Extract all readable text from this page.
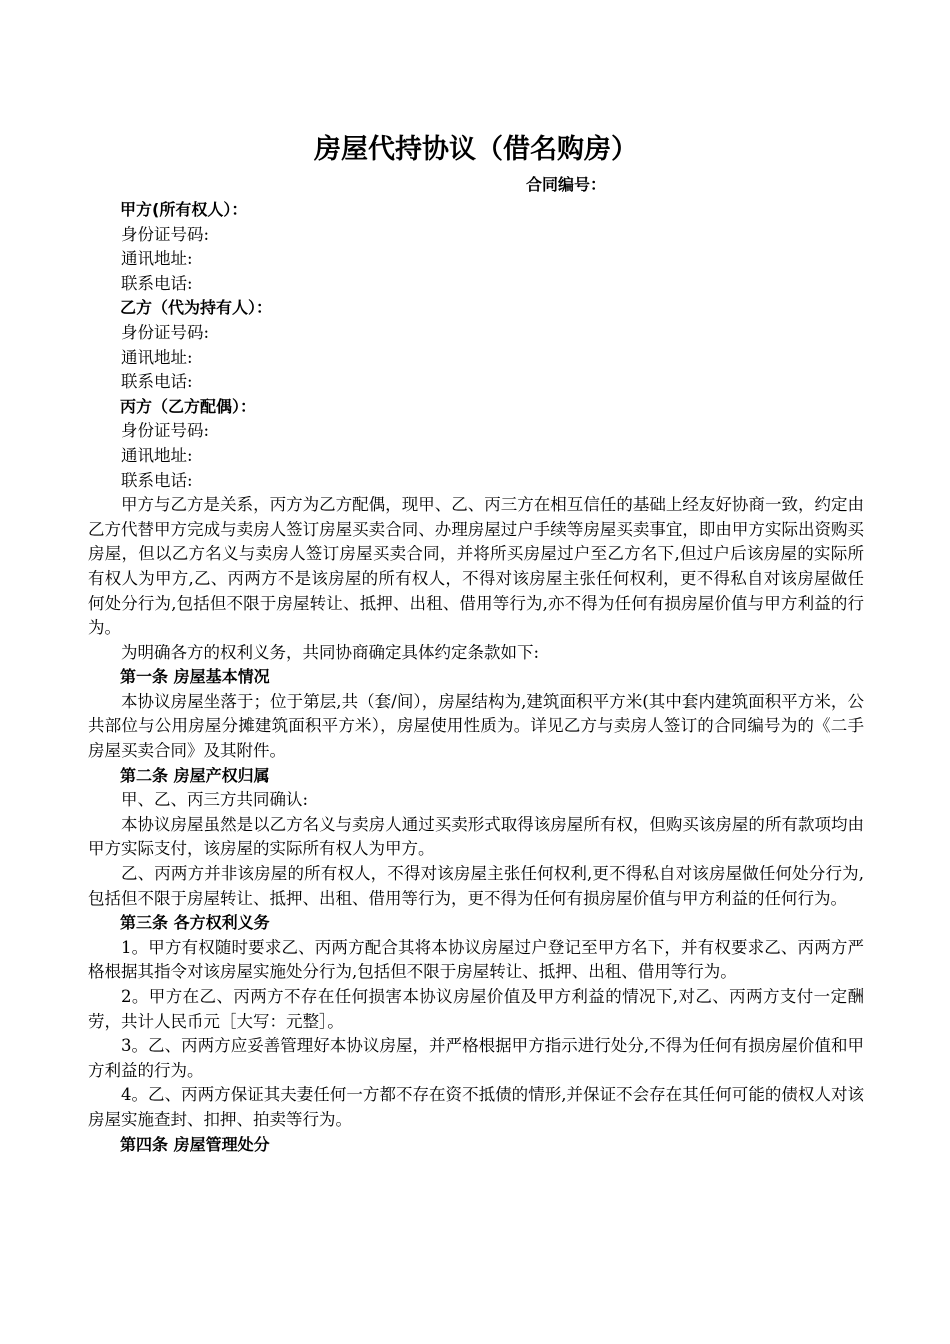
房屋代持协议（借名购房）
合同编号：

甲方(所有权人）：

身份证号码:

通讯地址:

联系电话:

乙方（代为持有人）：

身份证号码:

通讯地址:

联系电话:

丙方（乙方配偶）：

身份证号码:

通讯地址:

联系电话:

甲方与乙方是关系，丙方为乙方配偶，现甲、乙、丙三方在相互信任的基础上经友好协商一致，约定由乙方代替甲方完成与卖房人签订房屋买卖合同、办理房屋过户手续等房屋买卖事宜，即由甲方实际出资购买房屋，但以乙方名义与卖房人签订房屋买卖合同，并将所买房屋过户至乙方名下,但过户后该房屋的实际所有权人为甲方,乙、丙两方不是该房屋的所有权人，不得对该房屋主张任何权利，更不得私自对该房屋做任何处分行为,包括但不限于房屋转让、抵押、出租、借用等行为,亦不得为任何有损房屋价值与甲方利益的行为。

为明确各方的权利义务，共同协商确定具体约定条款如下:

第一条 房屋基本情况

本协议房屋坐落于；位于第层,共（套/间），房屋结构为,建筑面积平方米(其中套内建筑面积平方米，公共部位与公用房屋分摊建筑面积平方米），房屋使用性质为。详见乙方与卖房人签订的合同编号为的《二手房屋买卖合同》及其附件。

第二条 房屋产权归属

甲、乙、丙三方共同确认:

本协议房屋虽然是以乙方名义与卖房人通过买卖形式取得该房屋所有权，但购买该房屋的所有款项均由甲方实际支付，该房屋的实际所有权人为甲方。

乙、丙两方并非该房屋的所有权人，不得对该房屋主张任何权利,更不得私自对该房屋做任何处分行为,包括但不限于房屋转让、抵押、出租、借用等行为，更不得为任何有损房屋价值与甲方利益的任何行为。

第三条 各方权利义务

1。甲方有权随时要求乙、丙两方配合其将本协议房屋过户登记至甲方名下，并有权要求乙、丙两方严格根据其指令对该房屋实施处分行为,包括但不限于房屋转让、抵押、出租、借用等行为。

2。甲方在乙、丙两方不存在任何损害本协议房屋价值及甲方利益的情况下,对乙、丙两方支付一定酬劳，共计人民币元［大写：元整］。

3。乙、丙两方应妥善管理好本协议房屋，并严格根据甲方指示进行处分,不得为任何有损房屋价值和甲方利益的行为。

4。乙、丙两方保证其夫妻任何一方都不存在资不抵债的情形,并保证不会存在其任何可能的债权人对该房屋实施查封、扣押、拍卖等行为。

第四条 房屋管理处分
